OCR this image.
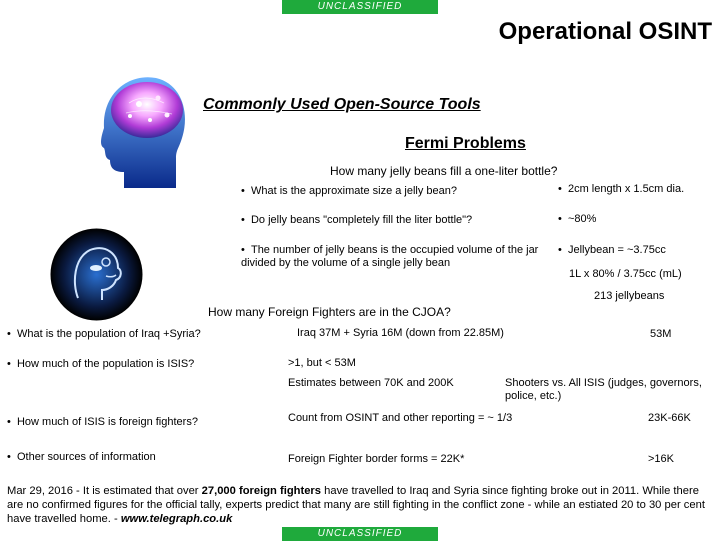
UNCLASSIFIED
UNCLASSIFIED
Operational OSINT
Commonly Used Open-Source Tools
Fermi Problems
How many jelly beans fill a one-liter bottle?
•  What is the approximate size a jelly bean?	•  2cm length x 1.5cm dia.
•  Do jelly beans "completely fill the liter bottle"?	•  ~80%
•  The number of jelly beans is the occupied volume of the jar divided by the volume of a single jelly bean
•  Jellybean = ~3.75cc
1L x 80% / 3.75cc (mL)
213 jellybeans
How many Foreign Fighters are in the CJOA?
•  What is the population of Iraq +Syria?	Iraq 37M + Syria 16M (down from 22.85M)	53M
•  How much of the population is ISIS?	>1, but < 53M
Estimates between 70K and 200K	Shooters vs. All ISIS (judges, governors, police, etc.)
•  How much of ISIS is foreign fighters?	Count from OSINT and other reporting = ~ 1/3	23K-66K
•  Other sources of information	Foreign Fighter border forms = 22K*	>16K
Mar 29, 2016 - It is estimated that over 27,000 foreign fighters have travelled to Iraq and Syria since fighting broke out in 2011. While there are no confirmed figures for the official tally, experts predict that many are still fighting in the conflict zone - while an estiated 20 to 30 per cent have travelled home. - www.telegraph.co.uk
